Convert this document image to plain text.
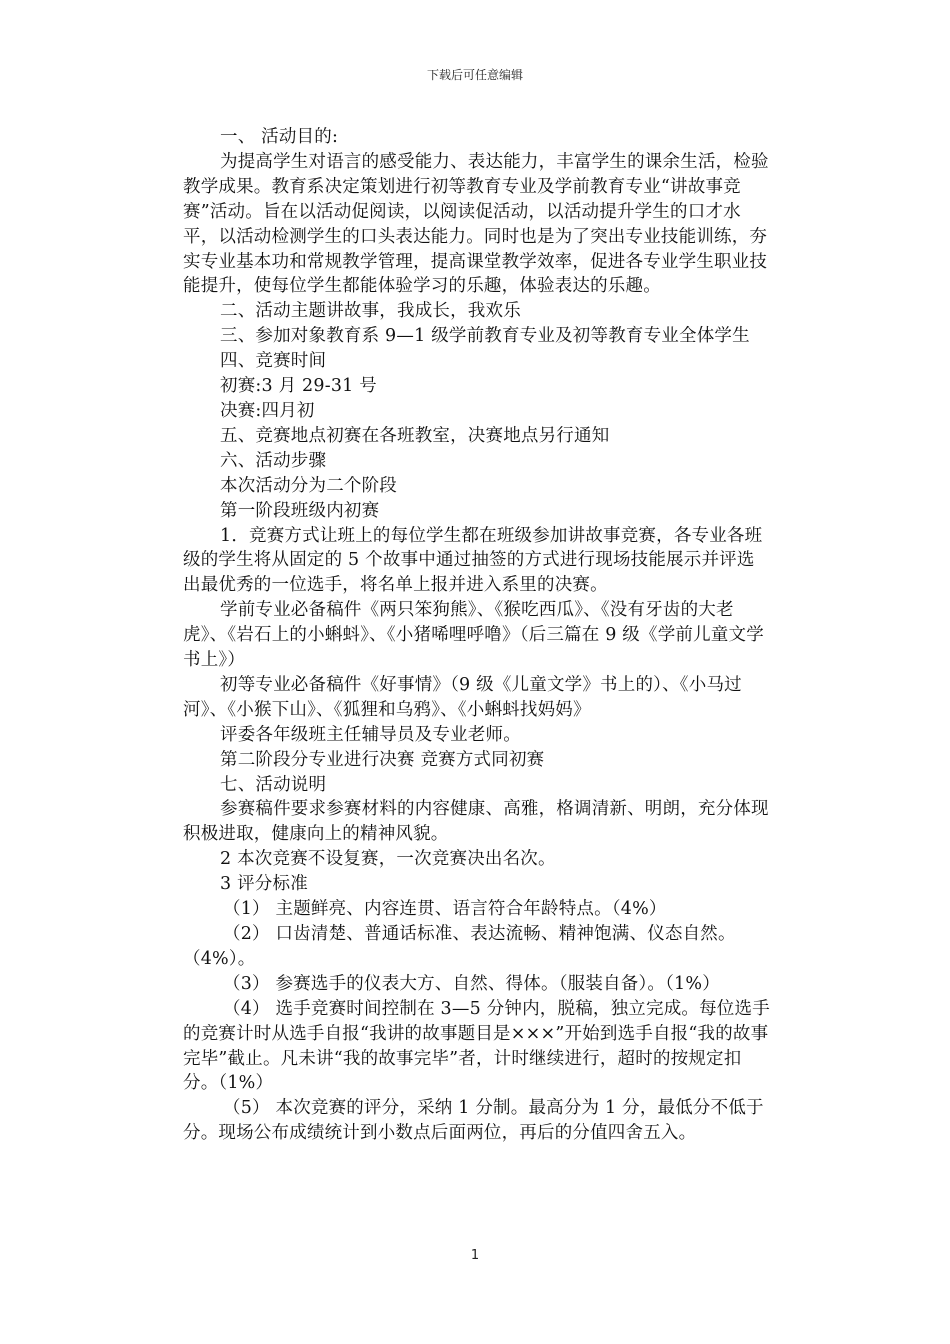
下载后可任意编辑

一、 活动目的:

为提高学生对语言的感受能力、表达能力，丰富学生的课余生活，检验教学成果。教育系决定策划进行初等教育专业及学前教育专业“讲故事竞赛”活动。旨在以活动促阅读，以阅读促活动，以活动提升学生的口才水平，以活动检测学生的口头表达能力。同时也是为了突出专业技能训练，夯实专业基本功和常规教学管理，提高课堂教学效率，促进各专业学生职业技能提升，使每位学生都能体验学习的乐趣，体验表达的乐趣。

二、活动主题讲故事，我成长，我欢乐

三、参加对象教育系 9—1 级学前教育专业及初等教育专业全体学生

四、竞赛时间

初赛:3 月 29-31 号

决赛:四月初

五、竞赛地点初赛在各班教室，决赛地点另行通知

六、活动步骤

本次活动分为二个阶段

第一阶段班级内初赛

1．竞赛方式让班上的每位学生都在班级参加讲故事竞赛，各专业各班级的学生将从固定的 5 个故事中通过抽签的方式进行现场技能展示并评选出最优秀的一位选手，将名单上报并进入系里的决赛。

学前专业必备稿件《两只笨狗熊》、《猴吃西瓜》、《没有牙齿的大老虎》、《岩石上的小蝌蚪》、《小猪唏哩呼噜》（后三篇在 9 级《学前儿童文学书上》）

初等专业必备稿件《好事情》（9 级《儿童文学》书上的）、《小马过河》、《小猴下山》、《狐狸和乌鸦》、《小蝌蚪找妈妈》

评委各年级班主任辅导员及专业老师。

第二阶段分专业进行决赛 竞赛方式同初赛

七、活动说明

参赛稿件要求参赛材料的内容健康、高雅，格调清新、明朗，充分体现积极进取，健康向上的精神风貌。

2 本次竞赛不设复赛，一次竞赛决出名次。

3 评分标准

（1） 主题鲜亮、内容连贯、语言符合年龄特点。（4%）

（2） 口齿清楚、普通话标准、表达流畅、精神饱满、仪态自然。（4%）。

（3） 参赛选手的仪表大方、自然、得体。（服装自备）。（1%）

（4） 选手竞赛时间控制在 3—5 分钟内，脱稿，独立完成。每位选手的竞赛计时从选手自报“我讲的故事题目是×××”开始到选手自报“我的故事完毕”截止。凡未讲“我的故事完毕”者，计时继续进行，超时的按规定扣分。（1%）

（5） 本次竞赛的评分，采纳 1 分制。最高分为 1 分，最低分不低于分。现场公布成绩统计到小数点后面两位，再后的分值四舍五入。

1
